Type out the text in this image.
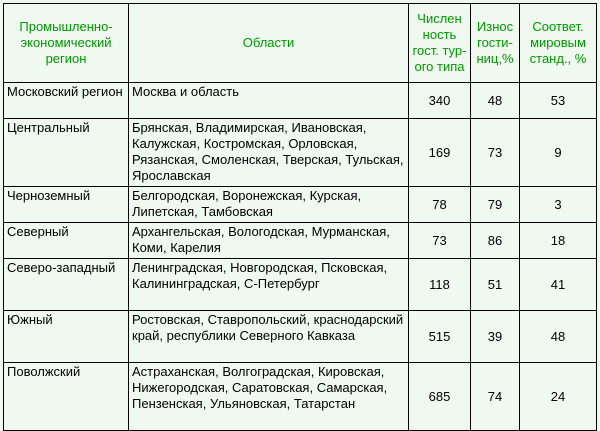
Промышленно-экономический регион	Области	Числен ность гост. тур-ого типа	Износ гости-ниц,%	Соответ. мировым станд., %
Московский регион	Москва и область	340	48	53
Центральный	Брянская, Владимирская, Ивановская, Калужская, Костромская, Орловская, Рязанская, Смоленская, Тверская, Тульская, Ярославская	169	73	9
Черноземный	Белгородская, Воронежская, Курская, Липетская, Тамбовская	78	79	3
Северный	Архангельская, Вологодская, Мурманская, Коми, Карелия	73	86	18
Северо-западный	Ленинградская, Новгородская, Псковская, Калининградская, С-Петербург	118	51	41
Южный	Ростовская, Ставропольский, краснодарский край, республики Северного Кавказа	515	39	48
Поволжский	Астраханская, Волгоградская, Кировская, Нижегородская, Саратовская, Самарская, Пензенская, Ульяновская, Татарстан	685	74	24
